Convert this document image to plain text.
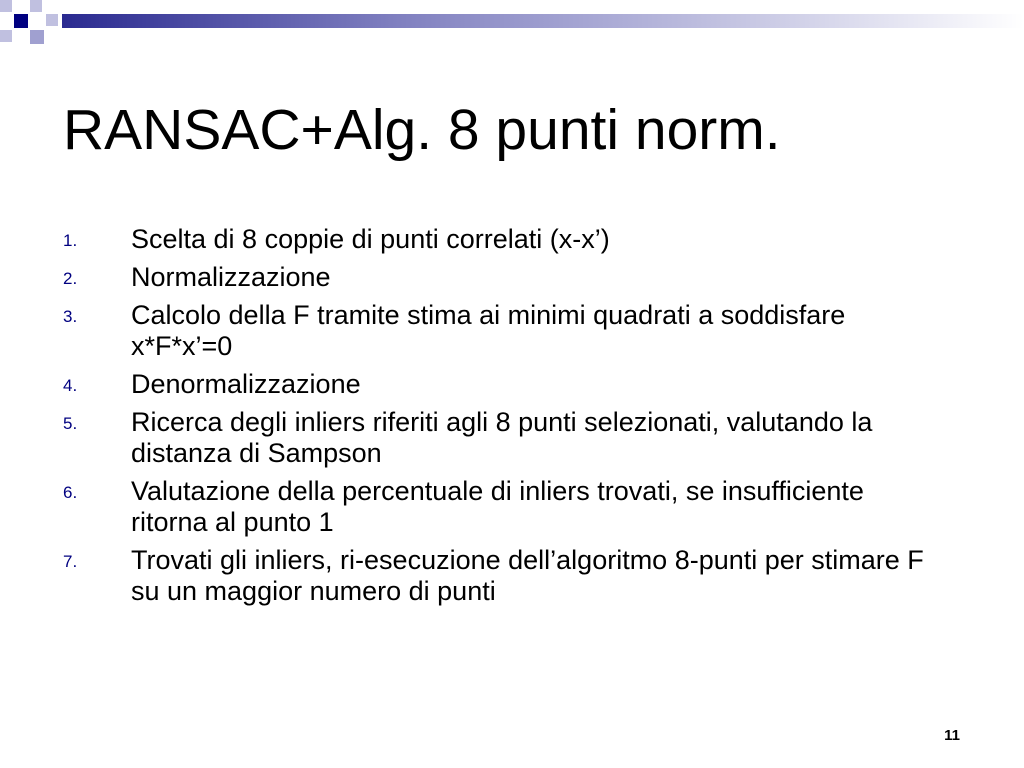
RANSAC+Alg. 8 punti norm.
1. Scelta di 8 coppie di punti correlati (x-x’)
2. Normalizzazione
3. Calcolo della F tramite stima ai minimi quadrati a soddisfare x*F*x’=0
4. Denormalizzazione
5. Ricerca degli inliers riferiti agli 8 punti selezionati, valutando la distanza di Sampson
6. Valutazione della percentuale di inliers trovati, se insufficiente ritorna al punto 1
7. Trovati gli inliers, ri-esecuzione dell’algoritmo 8-punti per stimare F su un maggior numero di punti
11
